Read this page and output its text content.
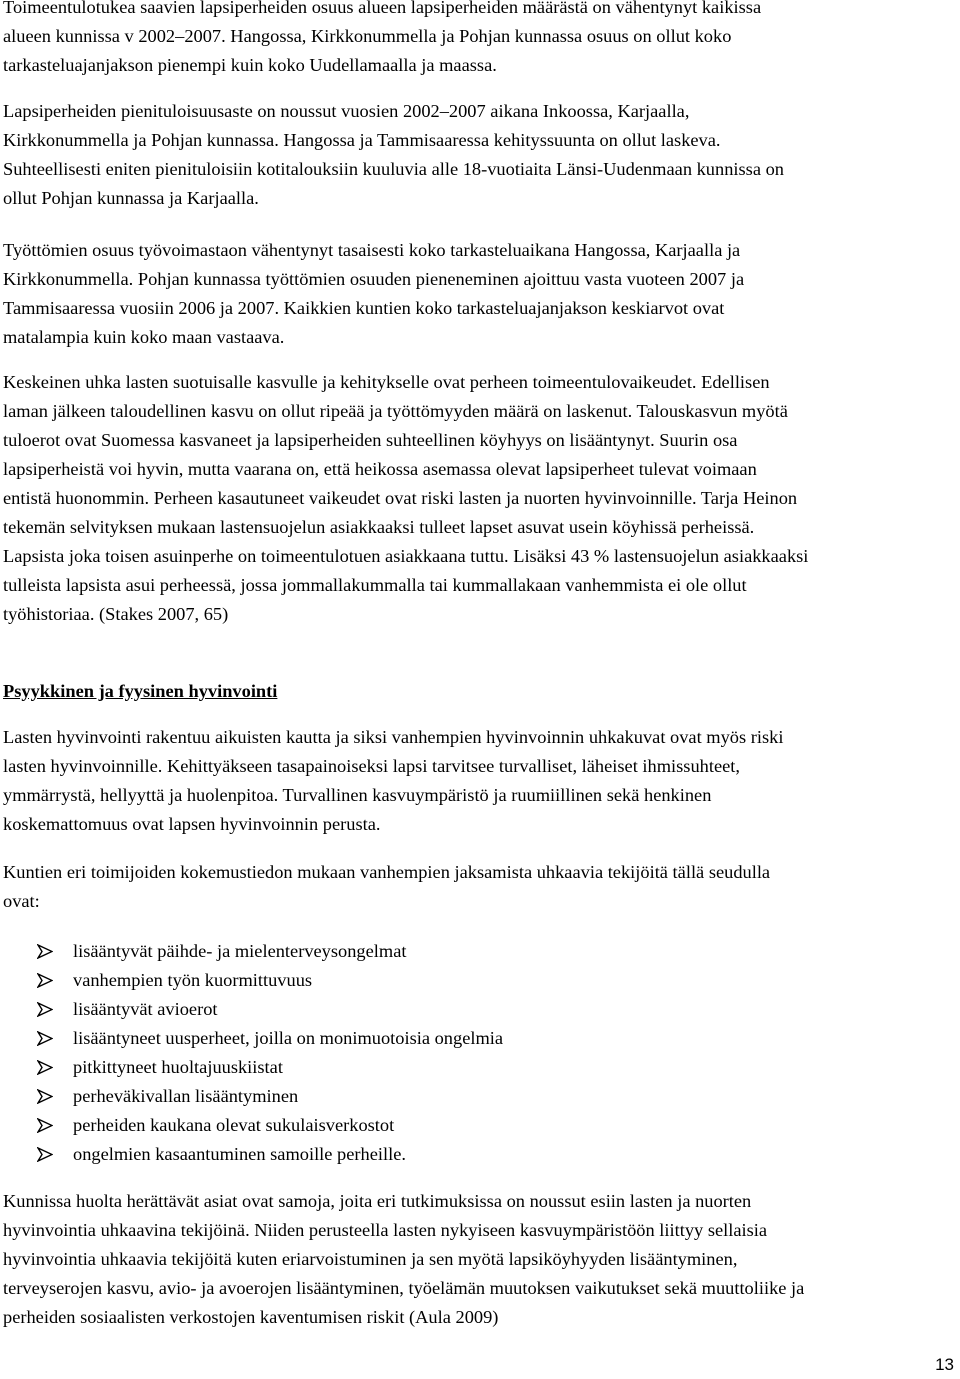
Toimeentulotukea saavien lapsiperheiden osuus alueen lapsiperheiden määrästä on vähentynyt kaikissa
alueen kunnissa v 2002–2007. Hangossa, Kirkkonummella ja Pohjan kunnassa osuus on ollut koko
tarkasteluajanjakson pienempi kuin koko Uudellamaalla ja maassa.
Lapsiperheiden pienituloisuusaste on noussut vuosien 2002–2007 aikana Inkoossa, Karjaalla,
Kirkkonummella ja Pohjan kunnassa. Hangossa ja Tammisaaressa kehityssuunta on ollut laskeva.
Suhteellisesti eniten pienituloisiin kotitalouksiin kuuluvia alle 18-vuotiaita Länsi-Uudenmaan kunnissa on
ollut Pohjan kunnassa ja Karjaalla.
Työttömien osuus työvoimastaon vähentynyt tasaisesti koko tarkasteluaikana Hangossa, Karjaalla ja
Kirkkonummella. Pohjan kunnassa työttömien osuuden pieneneminen ajoittuu vasta vuoteen 2007 ja
Tammisaaressa vuosiin 2006 ja 2007. Kaikkien kuntien koko tarkasteluajanjakson keskiarvot ovat
matalampia kuin koko maan vastaava.
Keskeinen uhka lasten suotuisalle kasvulle ja kehitykselle ovat perheen toimeentulovaikeudet. Edellisen
laman jälkeen taloudellinen kasvu on ollut ripeää ja työttömyyden määrä on laskenut. Talouskasvun myötä
tuloerot ovat Suomessa kasvaneet ja lapsiperheiden suhteellinen köyhyys on lisääntynyt. Suurin osa
lapsiperheistä voi hyvin, mutta vaarana on, että heikossa asemassa olevat lapsiperheet tulevat voimaan
entistä huonommin. Perheen kasautuneet vaikeudet ovat riski lasten ja nuorten hyvinvoinnille. Tarja Heinon
tekemän selvityksen mukaan lastensuojelun asiakkaaksi tulleet lapset asuvat usein köyhissä perheissä.
Lapsista joka toisen asuinperhe on toimeentulotuen asiakkaana tuttu. Lisäksi 43 % lastensuojelun asiakkaaksi
tulleista lapsista asui perheessä, jossa jommallakummalla tai kummallakaan vanhemmista ei ole ollut
työhistoriaa. (Stakes 2007, 65)
Psyykkinen ja fyysinen hyvinvointi
Lasten hyvinvointi rakentuu aikuisten kautta ja siksi vanhempien hyvinvoinnin uhkakuvat ovat myös riski
lasten hyvinvoinnille. Kehittyäkseen tasapainoiseksi lapsi tarvitsee turvalliset, läheiset ihmissuhteet,
ymmärrystä, hellyyttä ja huolenpitoa. Turvallinen kasvuympäristö ja ruumiillinen sekä henkinen
koskemattomuus ovat lapsen hyvinvoinnin perusta.
Kuntien eri toimijoiden kokemustiedon mukaan vanhempien jaksamista uhkaavia tekijöitä tällä seudulla
ovat:
lisääntyvät päihde- ja mielenterveysongelmat
vanhempien työn kuormittuvuus
lisääntyvät avioerot
lisääntyneet uusperheet, joilla on monimuotoisia ongelmia
pitkittyneet huoltajuuskiistat
perheväkivallan lisääntyminen
perheiden kaukana olevat sukulaisverkostot
ongelmien kasaantuminen samoille perheille.
Kunnissa huolta herättävät asiat ovat samoja, joita eri tutkimuksissa on noussut esiin lasten ja nuorten
hyvinvointia uhkaavina tekijöinä. Niiden perusteella lasten nykyiseen kasvuympäristöön liittyy sellaisia
hyvinvointia uhkaavia tekijöitä kuten eriarvoistuminen ja sen myötä lapsiköyhyyden lisääntyminen,
terveyserojen kasvu, avio- ja avoerojen lisääntyminen, työelämän muutoksen vaikutukset sekä muuttoliike ja
perheiden sosiaalisten verkostojen kaventumisen riskit (Aula 2009)
13
